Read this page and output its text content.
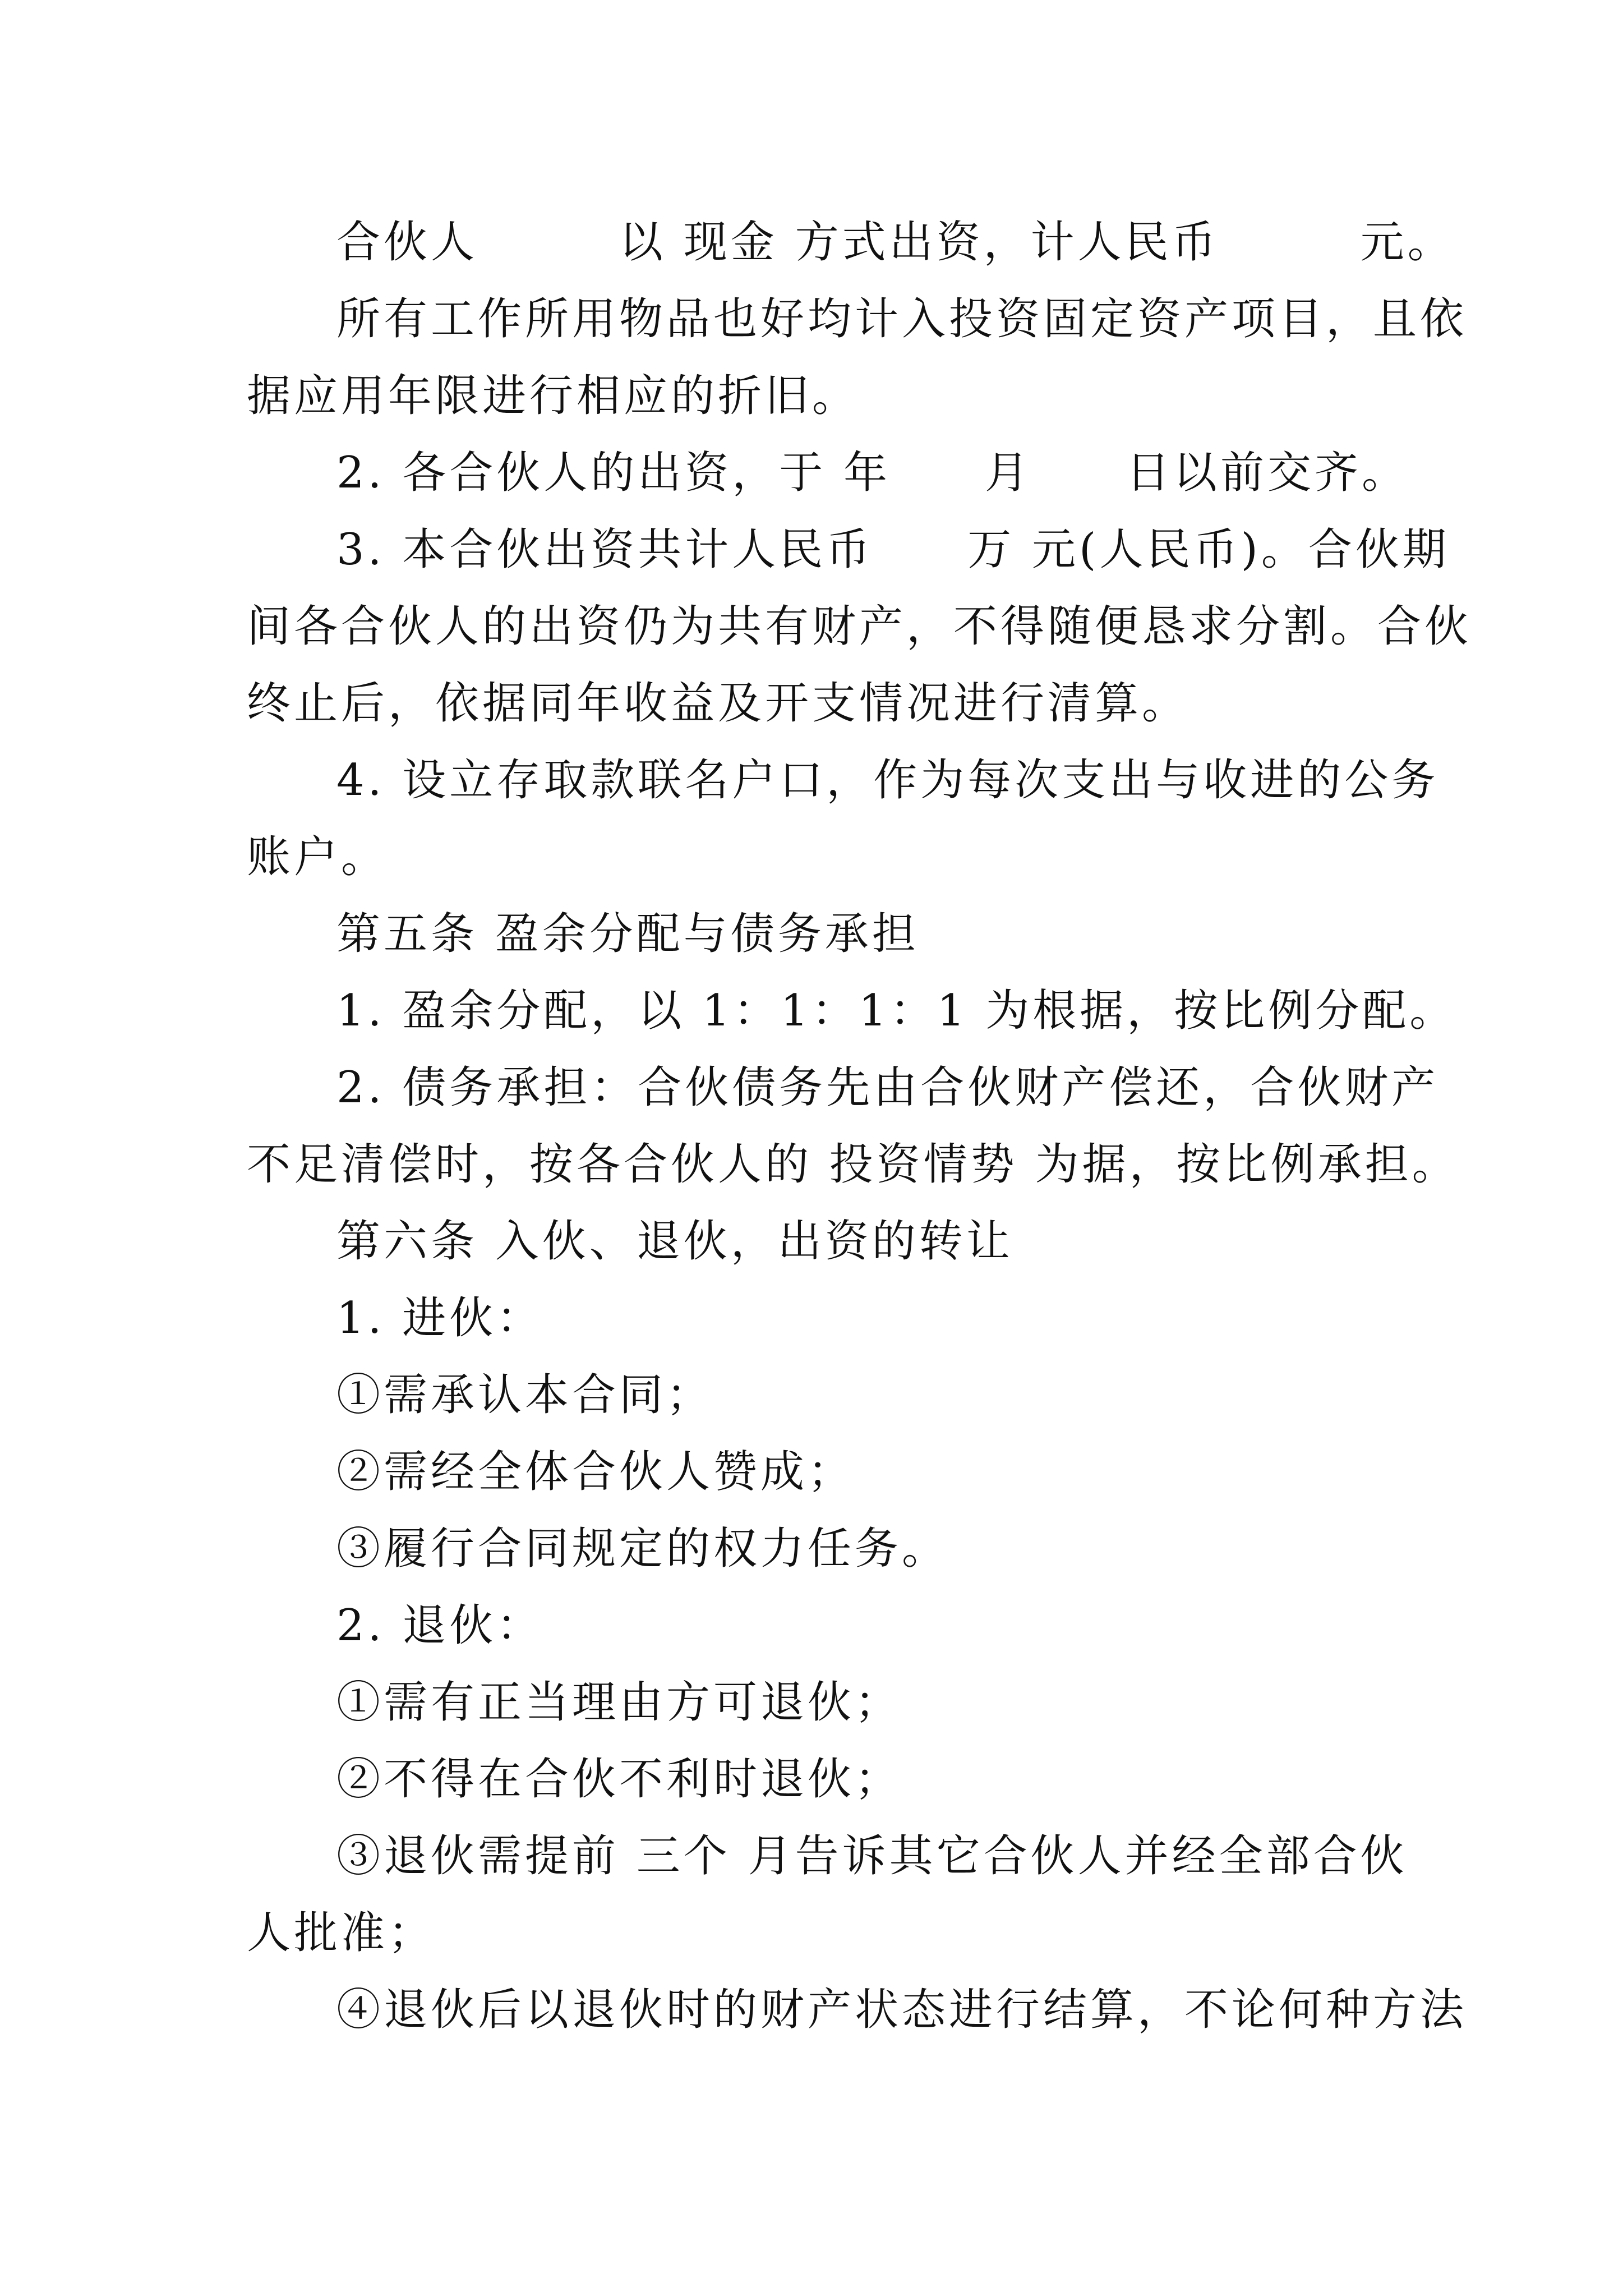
合伙人　　　以 现金 方式出资，计人民币　　　元。
所有工作所用物品也好均计入投资固定资产项目，且依
据应用年限进行相应的折旧。
2. 各合伙人的出资，于 年　　月　　日以前交齐。
3. 本合伙出资共计人民币　　万 元(人民币)。合伙期
间各合伙人的出资仍为共有财产，不得随便恳求分割。合伙
终止后，依据同年收益及开支情况进行清算。
4. 设立存取款联名户口，作为每次支出与收进的公务
账户。
第五条 盈余分配与债务承担
1. 盈余分配，以 1：1：1：1 为根据，按比例分配。
2. 债务承担：合伙债务先由合伙财产偿还，合伙财产
不足清偿时，按各合伙人的 投资情势 为据，按比例承担。
第六条 入伙、退伙，出资的转让
1. 进伙：
①需承认本合同；
②需经全体合伙人赞成；
③履行合同规定的权力任务。
2. 退伙：
①需有正当理由方可退伙；
②不得在合伙不利时退伙；
③退伙需提前 三个 月告诉其它合伙人并经全部合伙
人批准；
④退伙后以退伙时的财产状态进行结算，不论何种方法
